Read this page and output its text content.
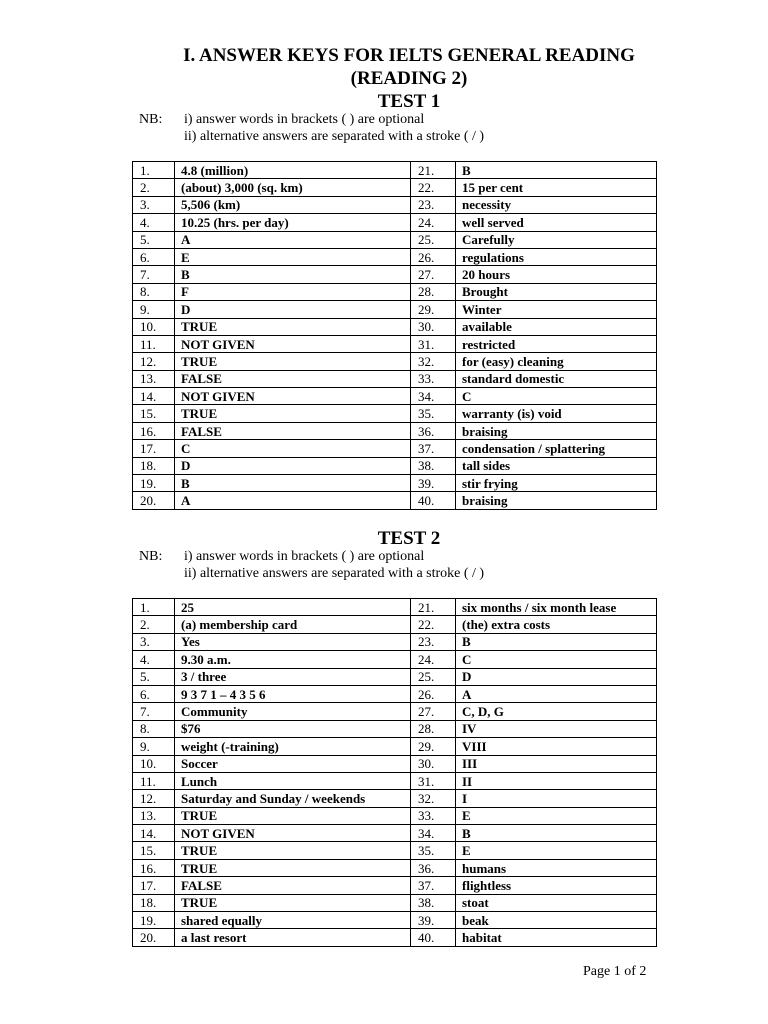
I. ANSWER KEYS FOR IELTS GENERAL READING
(READING 2)
TEST 1
NB: i) answer words in brackets ( ) are optional
ii) alternative answers are separated with a stroke ( / )
1.	4.8 (million)	21.	B
2.	(about) 3,000 (sq. km)	22.	15 per cent
3.	5,506 (km)	23.	necessity
4.	10.25 (hrs. per day)	24.	well served
5.	A	25.	Carefully
6.	E	26.	regulations
7.	B	27.	20 hours
8.	F	28.	Brought
9.	D	29.	Winter
10.	TRUE	30.	available
11.	NOT GIVEN	31.	restricted
12.	TRUE	32.	for (easy) cleaning
13.	FALSE	33.	standard domestic
14.	NOT GIVEN	34.	C
15.	TRUE	35.	warranty (is) void
16.	FALSE	36.	braising
17.	C	37.	condensation / splattering
18.	D	38.	tall sides
19.	B	39.	stir frying
20.	A	40.	braising
TEST 2
NB: i) answer words in brackets ( ) are optional
ii) alternative answers are separated with a stroke ( / )
1.	25	21.	six months / six month lease
2.	(a) membership card	22.	(the) extra costs
3.	Yes	23.	B
4.	9.30 a.m.	24.	C
5.	3 / three	25.	D
6.	9 3 7 1 – 4 3 5 6	26.	A
7.	Community	27.	C, D, G
8.	$76	28.	IV
9.	weight (-training)	29.	VIII
10.	Soccer	30.	III
11.	Lunch	31.	II
12.	Saturday and Sunday / weekends	32.	I
13.	TRUE	33.	E
14.	NOT GIVEN	34.	B
15.	TRUE	35.	E
16.	TRUE	36.	humans
17.	FALSE	37.	flightless
18.	TRUE	38.	stoat
19.	shared equally	39.	beak
20.	a last resort	40.	habitat
Page 1 of 2
